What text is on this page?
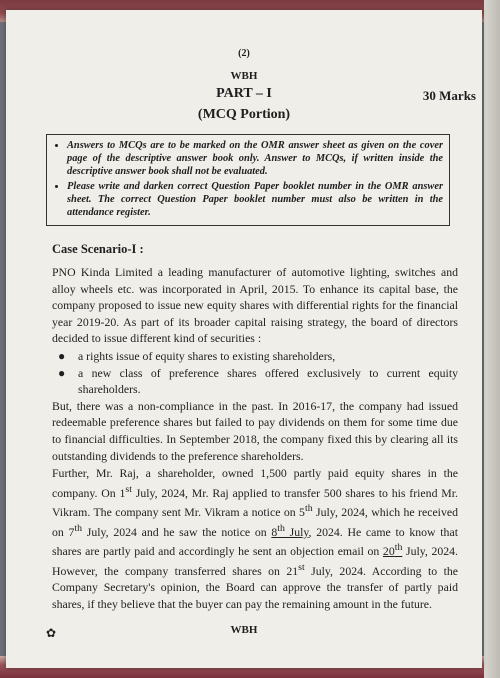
(2)
WBH
PART – I	30 Marks
(MCQ Portion)
• Answers to MCQs are to be marked on the OMR answer sheet as given on the cover page of the descriptive answer book only. Answer to MCQs, if written inside the descriptive answer book shall not be evaluated.
• Please write and darken correct Question Paper booklet number in the OMR answer sheet. The correct Question Paper booklet number must also be written in the attendance register.
Case Scenario-I :

PNO Kinda Limited a leading manufacturer of automotive lighting, switches and alloy wheels etc. was incorporated in April, 2015. To enhance its capital base, the company proposed to issue new equity shares with differential rights for the financial year 2019-20. As part of its broader capital raising strategy, the board of directors decided to issue different kind of securities :

● a rights issue of equity shares to existing shareholders,
● a new class of preference shares offered exclusively to current equity shareholders.

But, there was a non-compliance in the past. In 2016-17, the company had issued redeemable preference shares but failed to pay dividends on them for some time due to financial difficulties. In September 2018, the company fixed this by clearing all its outstanding dividends to the preference shareholders.

Further, Mr. Raj, a shareholder, owned 1,500 partly paid equity shares in the company. On 1st July, 2024, Mr. Raj applied to transfer 500 shares to his friend Mr. Vikram. The company sent Mr. Vikram a notice on 5th July, 2024, which he received on 7th July, 2024 and he saw the notice on 8th July, 2024. He came to know that shares are partly paid and accordingly he sent an objection email on 20th July, 2024. However, the company transferred shares on 21st July, 2024. According to the Company Secretary's opinion, the Board can approve the transfer of partly paid shares, if they believe that the buyer can pay the remaining amount in the future.

✿	WBH
